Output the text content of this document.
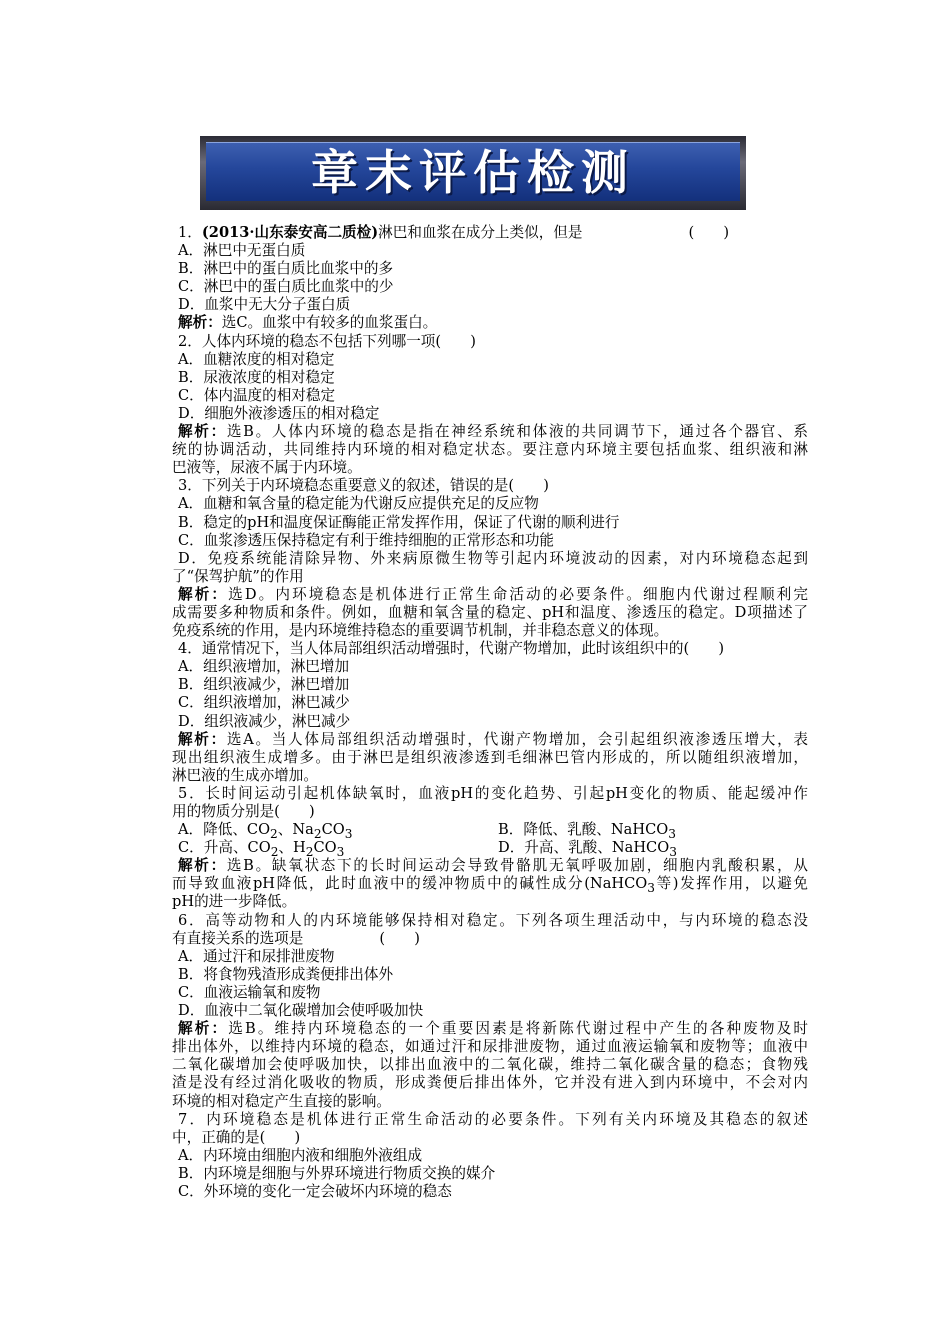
章末评估检测
1．(2013·山东泰安高二质检)淋巴和血浆在成分上类似，但是	(　　)
A．淋巴中无蛋白质
B．淋巴中的蛋白质比血浆中的多
C．淋巴中的蛋白质比血浆中的少
D．血浆中无大分子蛋白质
解析：选C。血浆中有较多的血浆蛋白。
2．人体内环境的稳态不包括下列哪一项(　　)
A．血糖浓度的相对稳定
B．尿液浓度的相对稳定
C．体内温度的相对稳定
D．细胞外液渗透压的相对稳定
解析：选B。人体内环境的稳态是指在神经系统和体液的共同调节下，通过各个器官、系
统的协调活动，共同维持内环境的相对稳定状态。要注意内环境主要包括血浆、组织液和淋
巴液等，尿液不属于内环境。
3．下列关于内环境稳态重要意义的叙述，错误的是(　　)
A．血糖和氧含量的稳定能为代谢反应提供充足的反应物
B．稳定的pH和温度保证酶能正常发挥作用，保证了代谢的顺利进行
C．血浆渗透压保持稳定有利于维持细胞的正常形态和功能
D．免疫系统能清除异物、外来病原微生物等引起内环境波动的因素，对内环境稳态起到
了“保驾护航”的作用
解析：选D。内环境稳态是机体进行正常生命活动的必要条件。细胞内代谢过程顺利完
成需要多种物质和条件。例如，血糖和氧含量的稳定、pH和温度、渗透压的稳定。D项描述了
免疫系统的作用，是内环境维持稳态的重要调节机制，并非稳态意义的体现。
4．通常情况下，当人体局部组织活动增强时，代谢产物增加，此时该组织中的(　　)
A．组织液增加，淋巴增加
B．组织液减少，淋巴增加
C．组织液增加，淋巴减少
D．组织液减少，淋巴减少
解析：选A。当人体局部组织活动增强时，代谢产物增加，会引起组织液渗透压增大，表
现出组织液生成增多。由于淋巴是组织液渗透到毛细淋巴管内形成的，所以随组织液增加，
淋巴液的生成亦增加。
5．长时间运动引起机体缺氧时，血液pH的变化趋势、引起pH变化的物质、能起缓冲作
用的物质分别是(　　)
A．降低、$CO_2$、$Na_2CO_3$	B．降低、乳酸、NaHCO$_3$
C．升高、$CO_2$、$H_2CO_3$	D．升高、乳酸、NaHCO$_3$
解析：选B。缺氧状态下的长时间运动会导致骨骼肌无氧呼吸加剧，细胞内乳酸积累，从
而导致血液pH降低，此时血液中的缓冲物质中的碱性成分(NaHCO$_3$等)发挥作用，以避免
pH的进一步降低。
6．高等动物和人的内环境能够保持相对稳定。下列各项生理活动中，与内环境的稳态没
有直接关系的选项是	(　　)
A．通过汗和尿排泄废物
B．将食物残渣形成粪便排出体外
C．血液运输氧和废物
D．血液中二氧化碳增加会使呼吸加快
解析：选B。维持内环境稳态的一个重要因素是将新陈代谢过程中产生的各种废物及时
排出体外，以维持内环境的稳态，如通过汗和尿排泄废物，通过血液运输氧和废物等；血液中
二氧化碳增加会使呼吸加快，以排出血液中的二氧化碳，维持二氧化碳含量的稳态；食物残
渣是没有经过消化吸收的物质，形成粪便后排出体外，它并没有进入到内环境中，不会对内
环境的相对稳定产生直接的影响。
7．内环境稳态是机体进行正常生命活动的必要条件。下列有关内环境及其稳态的叙述
中，正确的是(　　)
A．内环境由细胞内液和细胞外液组成
B．内环境是细胞与外界环境进行物质交换的媒介
C．外环境的变化一定会破坏内环境的稳态
